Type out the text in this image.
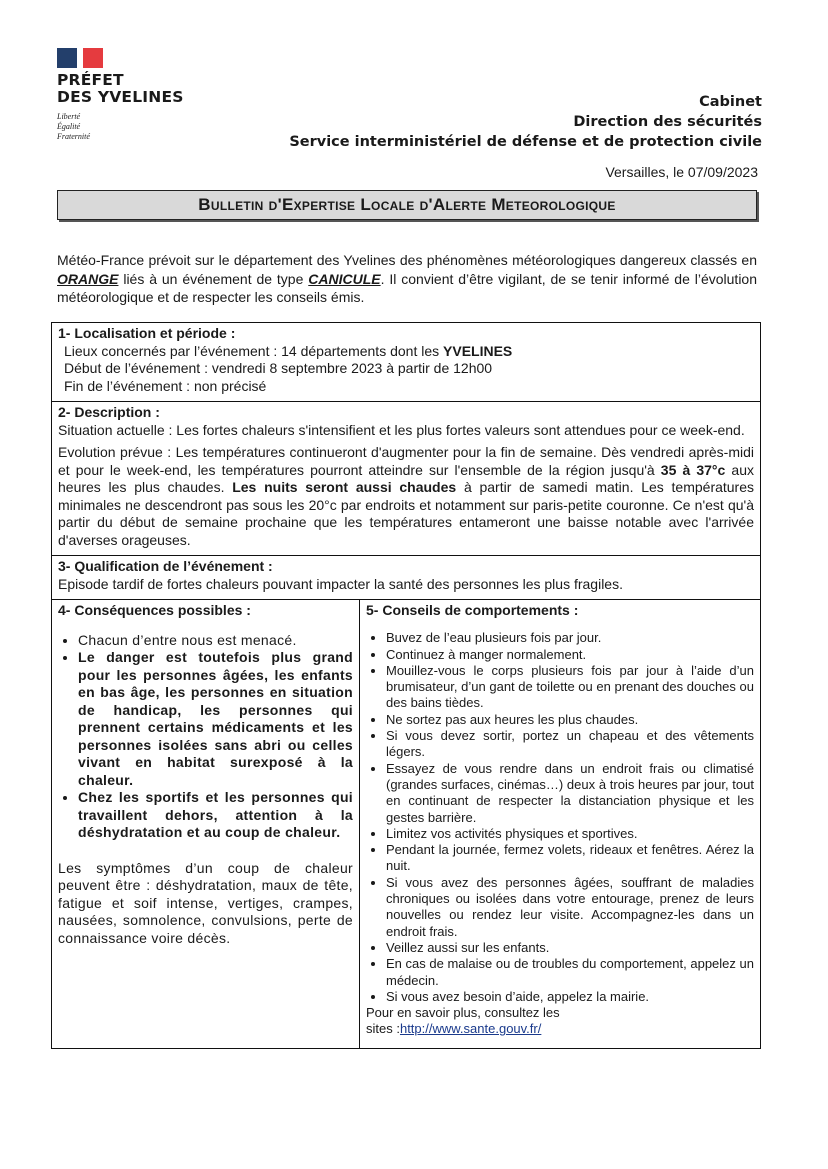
PRÉFET
DES YVELINES
Liberté
Égalité
Fraternité
Cabinet
Direction des sécurités
Service interministériel de défense et de protection civile
Versailles, le 07/09/2023
Bulletin d'Expertise Locale d'Alerte Meteorologique
Météo-France prévoit sur le département des Yvelines des phénomènes météorologiques dangereux classés en ORANGE liés à un événement de type CANICULE. Il convient d’être vigilant, de se tenir informé de l’évolution météorologique et de respecter les conseils émis.
1- Localisation et période :
Lieux concernés par l’événement : 14 départements dont les YVELINES
Début de l’événement : vendredi 8 septembre 2023 à partir de 12h00
Fin de l’événement : non précisé
2- Description :

Situation actuelle : Les fortes chaleurs s'intensifient et les plus fortes valeurs sont attendues pour ce week-end.

Evolution prévue : Les températures continueront d'augmenter pour la fin de semaine. Dès vendredi après-midi et pour le week-end, les températures pourront atteindre sur l'ensemble de la région jusqu'à 35 à 37°c aux heures les plus chaudes. Les nuits seront aussi chaudes à partir de samedi matin. Les températures minimales ne descendront pas sous les 20°c par endroits et notamment sur paris-petite couronne. Ce n'est qu'à partir du début de semaine prochaine que les températures entameront une baisse notable avec l'arrivée d'averses orageuses.

3- Qualification de l’événement :

Episode tardif de fortes chaleurs pouvant impacter la santé des personnes les plus fragiles.

4- Conséquences possibles :
• Chacun d’entre nous est menacé.
• Le danger est toutefois plus grand pour les personnes âgées, les enfants en bas âge, les personnes en situation de handicap, les personnes qui prennent certains médicaments et les personnes isolées sans abri ou celles vivant en habitat surexposé à la chaleur.
• Chez les sportifs et les personnes qui travaillent dehors, attention à la déshydratation et au coup de chaleur.
Les symptômes d’un coup de chaleur peuvent être : déshydratation, maux de tête, fatigue et soif intense, vertiges, crampes, nausées, somnolence, convulsions, perte de connaissance voire décès.
5- Conseils de comportements :
• Buvez de l’eau plusieurs fois par jour.
• Continuez à manger normalement.
• Mouillez-vous le corps plusieurs fois par jour à l’aide d’un brumisateur, d’un gant de toilette ou en prenant des douches ou des bains tièdes.
• Ne sortez pas aux heures les plus chaudes.
• Si vous devez sortir, portez un chapeau et des vêtements légers.
• Essayez de vous rendre dans un endroit frais ou climatisé (grandes surfaces, cinémas…) deux à trois heures par jour, tout en continuant de respecter la distanciation physique et les gestes barrière.
• Limitez vos activités physiques et sportives.
• Pendant la journée, fermez volets, rideaux et fenêtres. Aérez la nuit.
• Si vous avez des personnes âgées, souffrant de maladies chroniques ou isolées dans votre entourage, prenez de leurs nouvelles ou rendez leur visite. Accompagnez-les dans un endroit frais.
• Veillez aussi sur les enfants.
• En cas de malaise ou de troubles du comportement, appelez un médecin.
• Si vous avez besoin d’aide, appelez la mairie.
Pour en savoir plus, consultez les
sites :http://www.sante.gouv.fr/
